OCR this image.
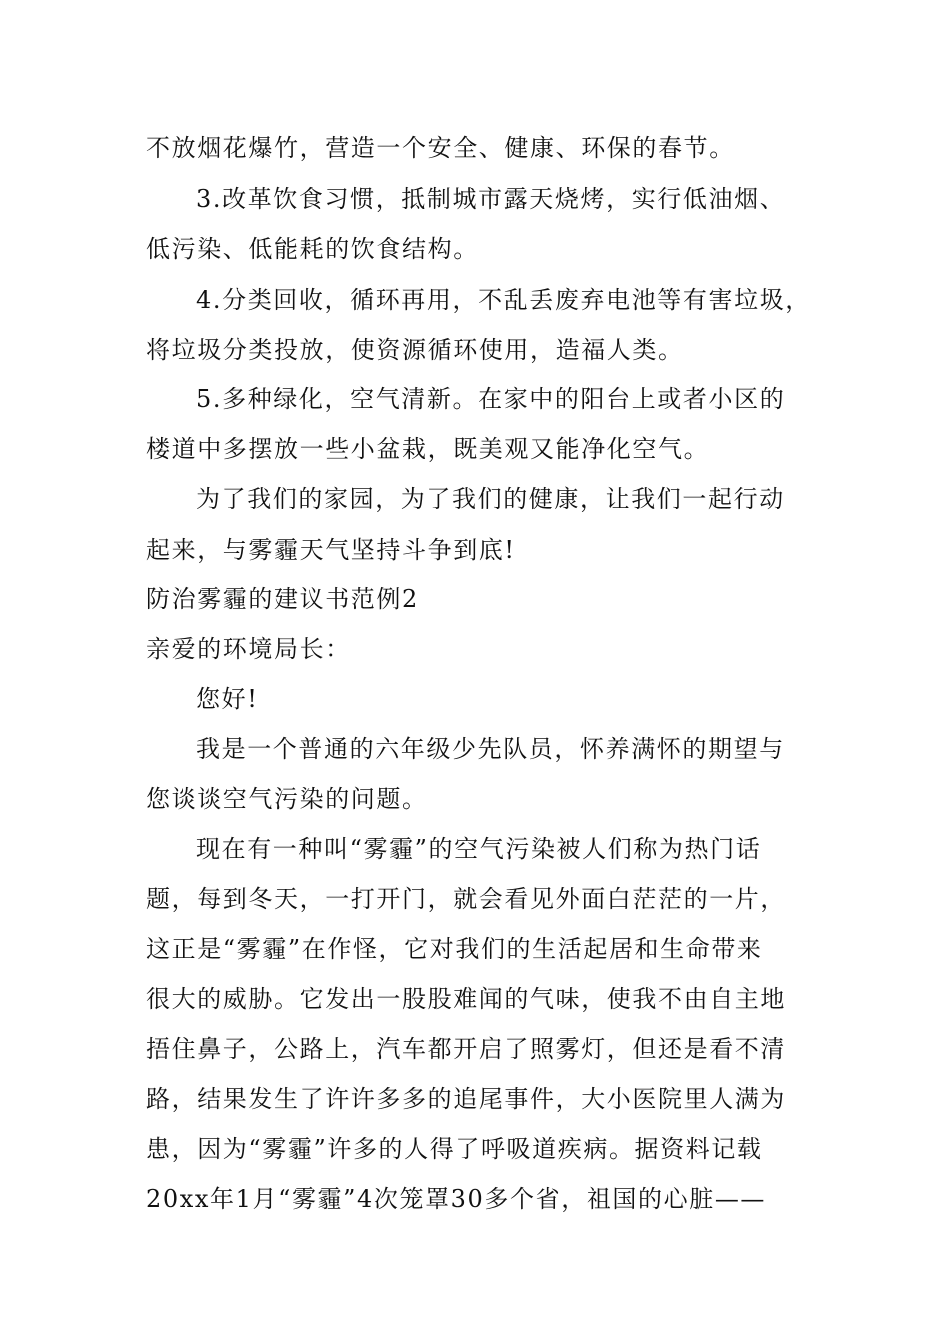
不放烟花爆竹，营造一个安全、健康、环保的春节。
3.改革饮食习惯，抵制城市露天烧烤，实行低油烟、
低污染、低能耗的饮食结构。
4.分类回收，循环再用，不乱丢废弃电池等有害垃圾，
将垃圾分类投放，使资源循环使用，造福人类。
5.多种绿化，空气清新。在家中的阳台上或者小区的
楼道中多摆放一些小盆栽，既美观又能净化空气。
为了我们的家园，为了我们的健康，让我们一起行动
起来，与雾霾天气坚持斗争到底!
防治雾霾的建议书范例2
亲爱的环境局长：
您好!
我是一个普通的六年级少先队员，怀养满怀的期望与
您谈谈空气污染的问题。
现在有一种叫“雾霾”的空气污染被人们称为热门话
题，每到冬天，一打开门，就会看见外面白茫茫的一片，
这正是“雾霾”在作怪，它对我们的生活起居和生命带来
很大的威胁。它发出一股股难闻的气味，使我不由自主地
捂住鼻子，公路上，汽车都开启了照雾灯，但还是看不清
路，结果发生了许许多多的追尾事件，大小医院里人满为
患，因为“雾霾”许多的人得了呼吸道疾病。据资料记载
20xx年1月“雾霾”4次笼罩30多个省，祖国的心脏——
